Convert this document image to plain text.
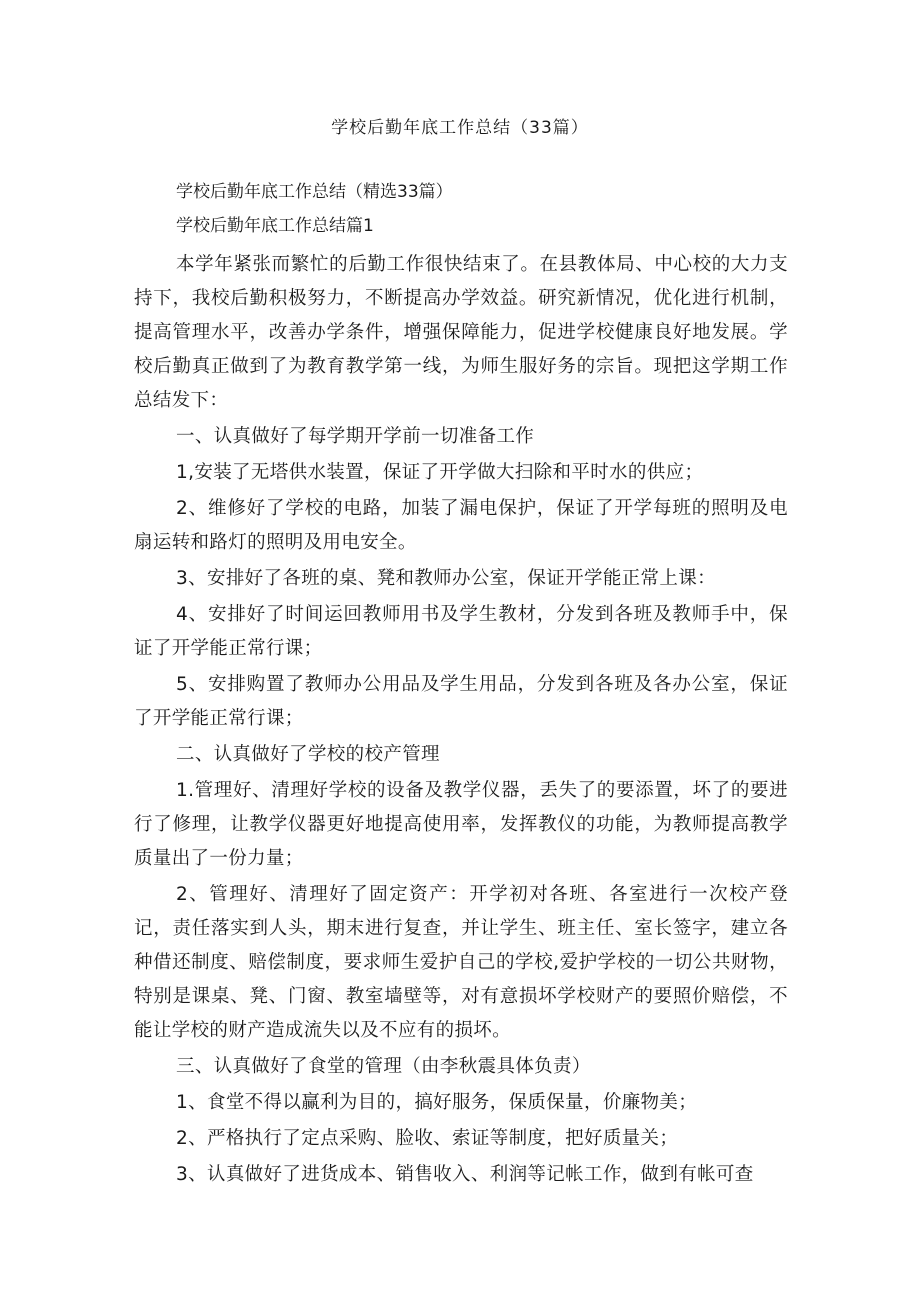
学校后勤年底工作总结（33篇）

学校后勤年底工作总结（精选33篇）

学校后勤年底工作总结篇1

本学年紧张而繁忙的后勤工作很快结束了。在县教体局、中心校的大力支持下，我校后勤积极努力，不断提高办学效益。研究新情况，优化进行机制，提高管理水平，改善办学条件，增强保障能力，促进学校健康良好地发展。学校后勤真正做到了为教育教学第一线，为师生服好务的宗旨。现把这学期工作总结发下：

一、认真做好了每学期开学前一切准备工作

1,安装了无塔供水装置，保证了开学做大扫除和平时水的供应；

2、维修好了学校的电路，加装了漏电保护，保证了开学每班的照明及电扇运转和路灯的照明及用电安全。

3、安排好了各班的桌、凳和教师办公室，保证开学能正常上课：

4、安排好了时间运回教师用书及学生教材，分发到各班及教师手中，保证了开学能正常行课；

5、安排购置了教师办公用品及学生用品，分发到各班及各办公室，保证了开学能正常行课；

二、认真做好了学校的校产管理

1.管理好、清理好学校的设备及教学仪器，丢失了的要添置，坏了的要进行了修理，让教学仪器更好地提高使用率，发挥教仪的功能，为教师提高教学质量出了一份力量；

2、管理好、清理好了固定资产：开学初对各班、各室进行一次校产登记，责任落实到人头，期末进行复查，并让学生、班主任、室长签字，建立各种借还制度、赔偿制度，要求师生爱护自己的学校,爱护学校的一切公共财物，特别是课桌、凳、门窗、教室墙壁等，对有意损坏学校财产的要照价赔偿，不能让学校的财产造成流失以及不应有的损坏。

三、认真做好了食堂的管理（由李秋震具体负责）

1、食堂不得以赢利为目的，搞好服务，保质保量，价廉物美；

2、严格执行了定点采购、脸收、索证等制度，把好质量关；

3、认真做好了进货成本、销售收入、利润等记帐工作，做到有帐可查
